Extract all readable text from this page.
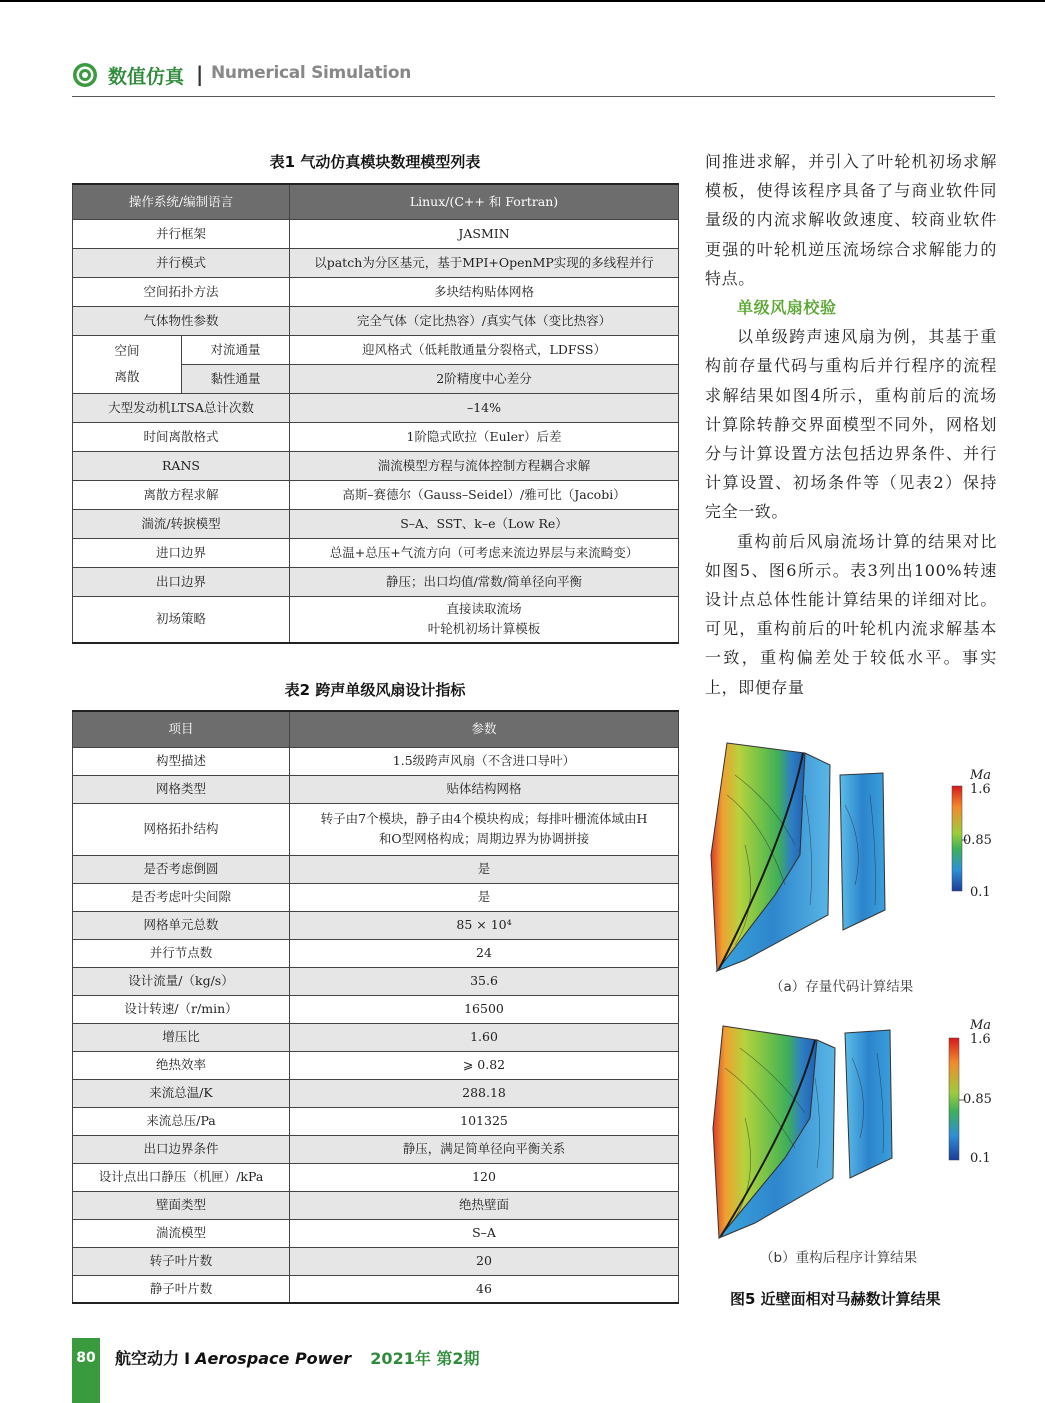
数值仿真 | Numerical Simulation
表1 气动仿真模块数理模型列表
操作系统/编制语言		Linux/(C++ 和 Fortran)
并行框架		JASMIN
并行模式		以patch为分区基元，基于MPI+OpenMP实现的多线程并行
空间拓扑方法		多块结构贴体网格
气体物性参数		完全气体（定比热容）/真实气体（变比热容）
空间
离散	对流通量	迎风格式（低耗散通量分裂格式，LDFSS）
	黏性通量	2阶精度中心差分
大型发动机LTSA总计次数		–14%
时间离散格式		1阶隐式欧拉（Euler）后差
RANS		湍流模型方程与流体控制方程耦合求解
离散方程求解		高斯–赛德尔（Gauss–Seidel）/雅可比（Jacobi）
湍流/转捩模型		S–A、SST、k–e（Low Re）
进口边界		总温+总压+气流方向（可考虑来流边界层与来流畸变）
出口边界		静压；出口均值/常数/简单径向平衡
初场策略		直接读取流场
叶轮机初场计算模板
表2 跨声单级风扇设计指标
项目	参数
构型描述	1.5级跨声风扇（不含进口导叶）
网格类型	贴体结构网格
网格拓扑结构	转子由7个模块，静子由4个模块构成；每排叶栅流体域由H
和O型网格构成；周期边界为协调拼接
是否考虑倒圆	是
是否考虑叶尖间隙	是
网格单元总数	85 × 10⁴
并行节点数	24
设计流量/（kg/s）	35.6
设计转速/（r/min）	16500
增压比	1.60
绝热效率	⩾ 0.82
来流总温/K	288.18
来流总压/Pa	101325
出口边界条件	静压，满足简单径向平衡关系
设计点出口静压（机匣）/kPa	120
壁面类型	绝热壁面
湍流模型	S–A
转子叶片数	20
静子叶片数	46

间推进求解，并引入了叶轮机初场求解模板，使得该程序具备了与商业软件同量级的内流求解收敛速度、较商业软件更强的叶轮机逆压流场综合求解能力的特点。

单级风扇校验

以单级跨声速风扇为例，其基于重构前存量代码与重构后并行程序的流程求解结果如图4所示，重构前后的流场计算除转静交界面模型不同外，网格划分与计算设置方法包括边界条件、并行计算设置、初场条件等（见表2）保持完全一致。

重构前后风扇流场计算的结果对比如图5、图6所示。表3列出100%转速设计点总体性能计算结果的详细对比。可见，重构前后的叶轮机内流求解基本一致，重构偏差处于较低水平。事实上，即便存量

Ma
1.6
0.85
0.1
（a）存量代码计算结果
Ma
1.6
0.85
0.1
（b）重构后程序计算结果
图5 近壁面相对马赫数计算结果
80 航空动力 I Aerospace Power 2021年 第2期
